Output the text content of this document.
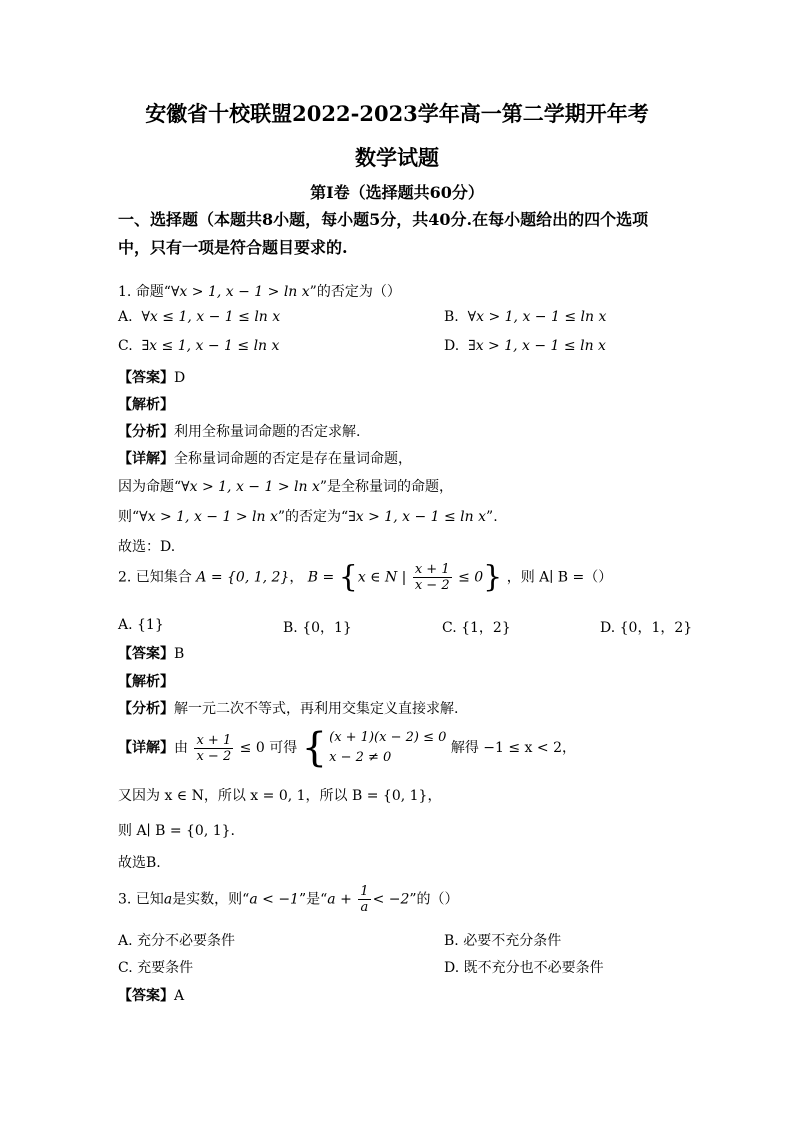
安徽省十校联盟2022-2023学年高一第二学期开年考
数学试题
第I卷（选择题共60分）
一、选择题（本题共8小题，每小题5分，共40分.在每小题给出的四个选项中，只有一项是符合题目要求的.
1. 命题“∀x > 1, x − 1 > ln x”的否定为（）
A. ∀x ≤ 1, x − 1 ≤ ln x	B. ∀x > 1, x − 1 ≤ ln x
C. ∃x ≤ 1, x − 1 ≤ ln x	D. ∃x > 1, x − 1 ≤ ln x
【答案】D
【解析】
【分析】利用全称量词命题的否定求解.
【详解】全称量词命题的否定是存在量词命题，
因为命题“∀x > 1, x − 1 > ln x”是全称量词的命题，
则“∀x > 1, x − 1 > ln x”的否定为“∃x > 1, x − 1 ≤ ln x”.
故选：D.
2. 已知集合 A = {0, 1, 2}， B = {x ∈ N | $\frac{x + 1}{x - 2} \le 0$} ，则 A∣ B =（）
A. {1}	B. {0，1}	C. {1，2}	D. {0，1，2}
【答案】B
【解析】
【分析】解一元二次不等式，再利用交集定义直接求解.
【详解】由 $\frac{x + 1}{x - 2} \le 0$ 可得 { (x + 1)(x − 2) ≤ 0
x − 2 ≠ 0
解得 −1 ≤ x < 2，
又因为 x ∈ N，所以 x = 0, 1，所以 B = {0, 1}，
则 A∣ B = {0, 1}.
故选B.
3. 已知a是实数，则“a < −1”是“$a + \frac{1}{a} < -2$”的（）
A. 充分不必要条件	B. 必要不充分条件
C. 充要条件	D. 既不充分也不必要条件
【答案】A
